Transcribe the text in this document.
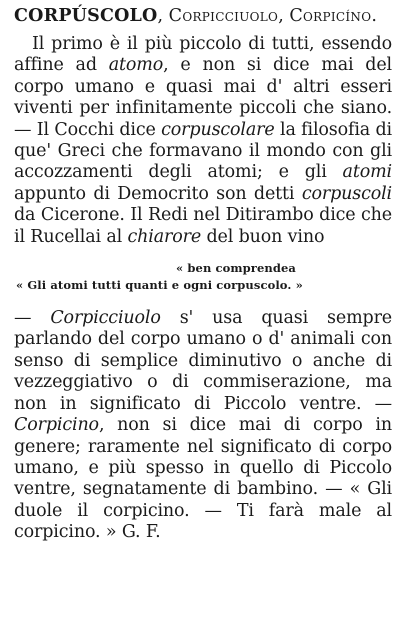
CORPÚSCOLO, Corpicciuolo, Corpicíno.

Il primo è il più piccolo di tutti, essendo affine ad atomo, e non si dice mai del corpo umano e quasi mai d' altri esseri viventi per infinitamente piccoli che siano. — Il Cocchi dice corpuscolare la filosofia di que' Greci che formavano il mondo con gli accozzamenti degli atomi; e gli atomi appunto di Democrito son detti corpuscoli da Cicerone. Il Redi nel Ditirambo dice che il Rucellai al chiarore del buon vino

« ben comprendea
« Gli atomi tutti quanti e ogni corpuscolo. »

— Corpicciuolo s' usa quasi sempre parlando del corpo umano o d' animali con senso di semplice diminutivo o anche di vezzeggiativo o di commiserazione, ma non in significato di Piccolo ventre. — Corpicino, non si dice mai di corpo in genere; raramente nel significato di corpo umano, e più spesso in quello di Piccolo ventre, segnatamente di bambino. — « Gli duole il corpicino. — Ti farà male al corpicino. » G. F.
